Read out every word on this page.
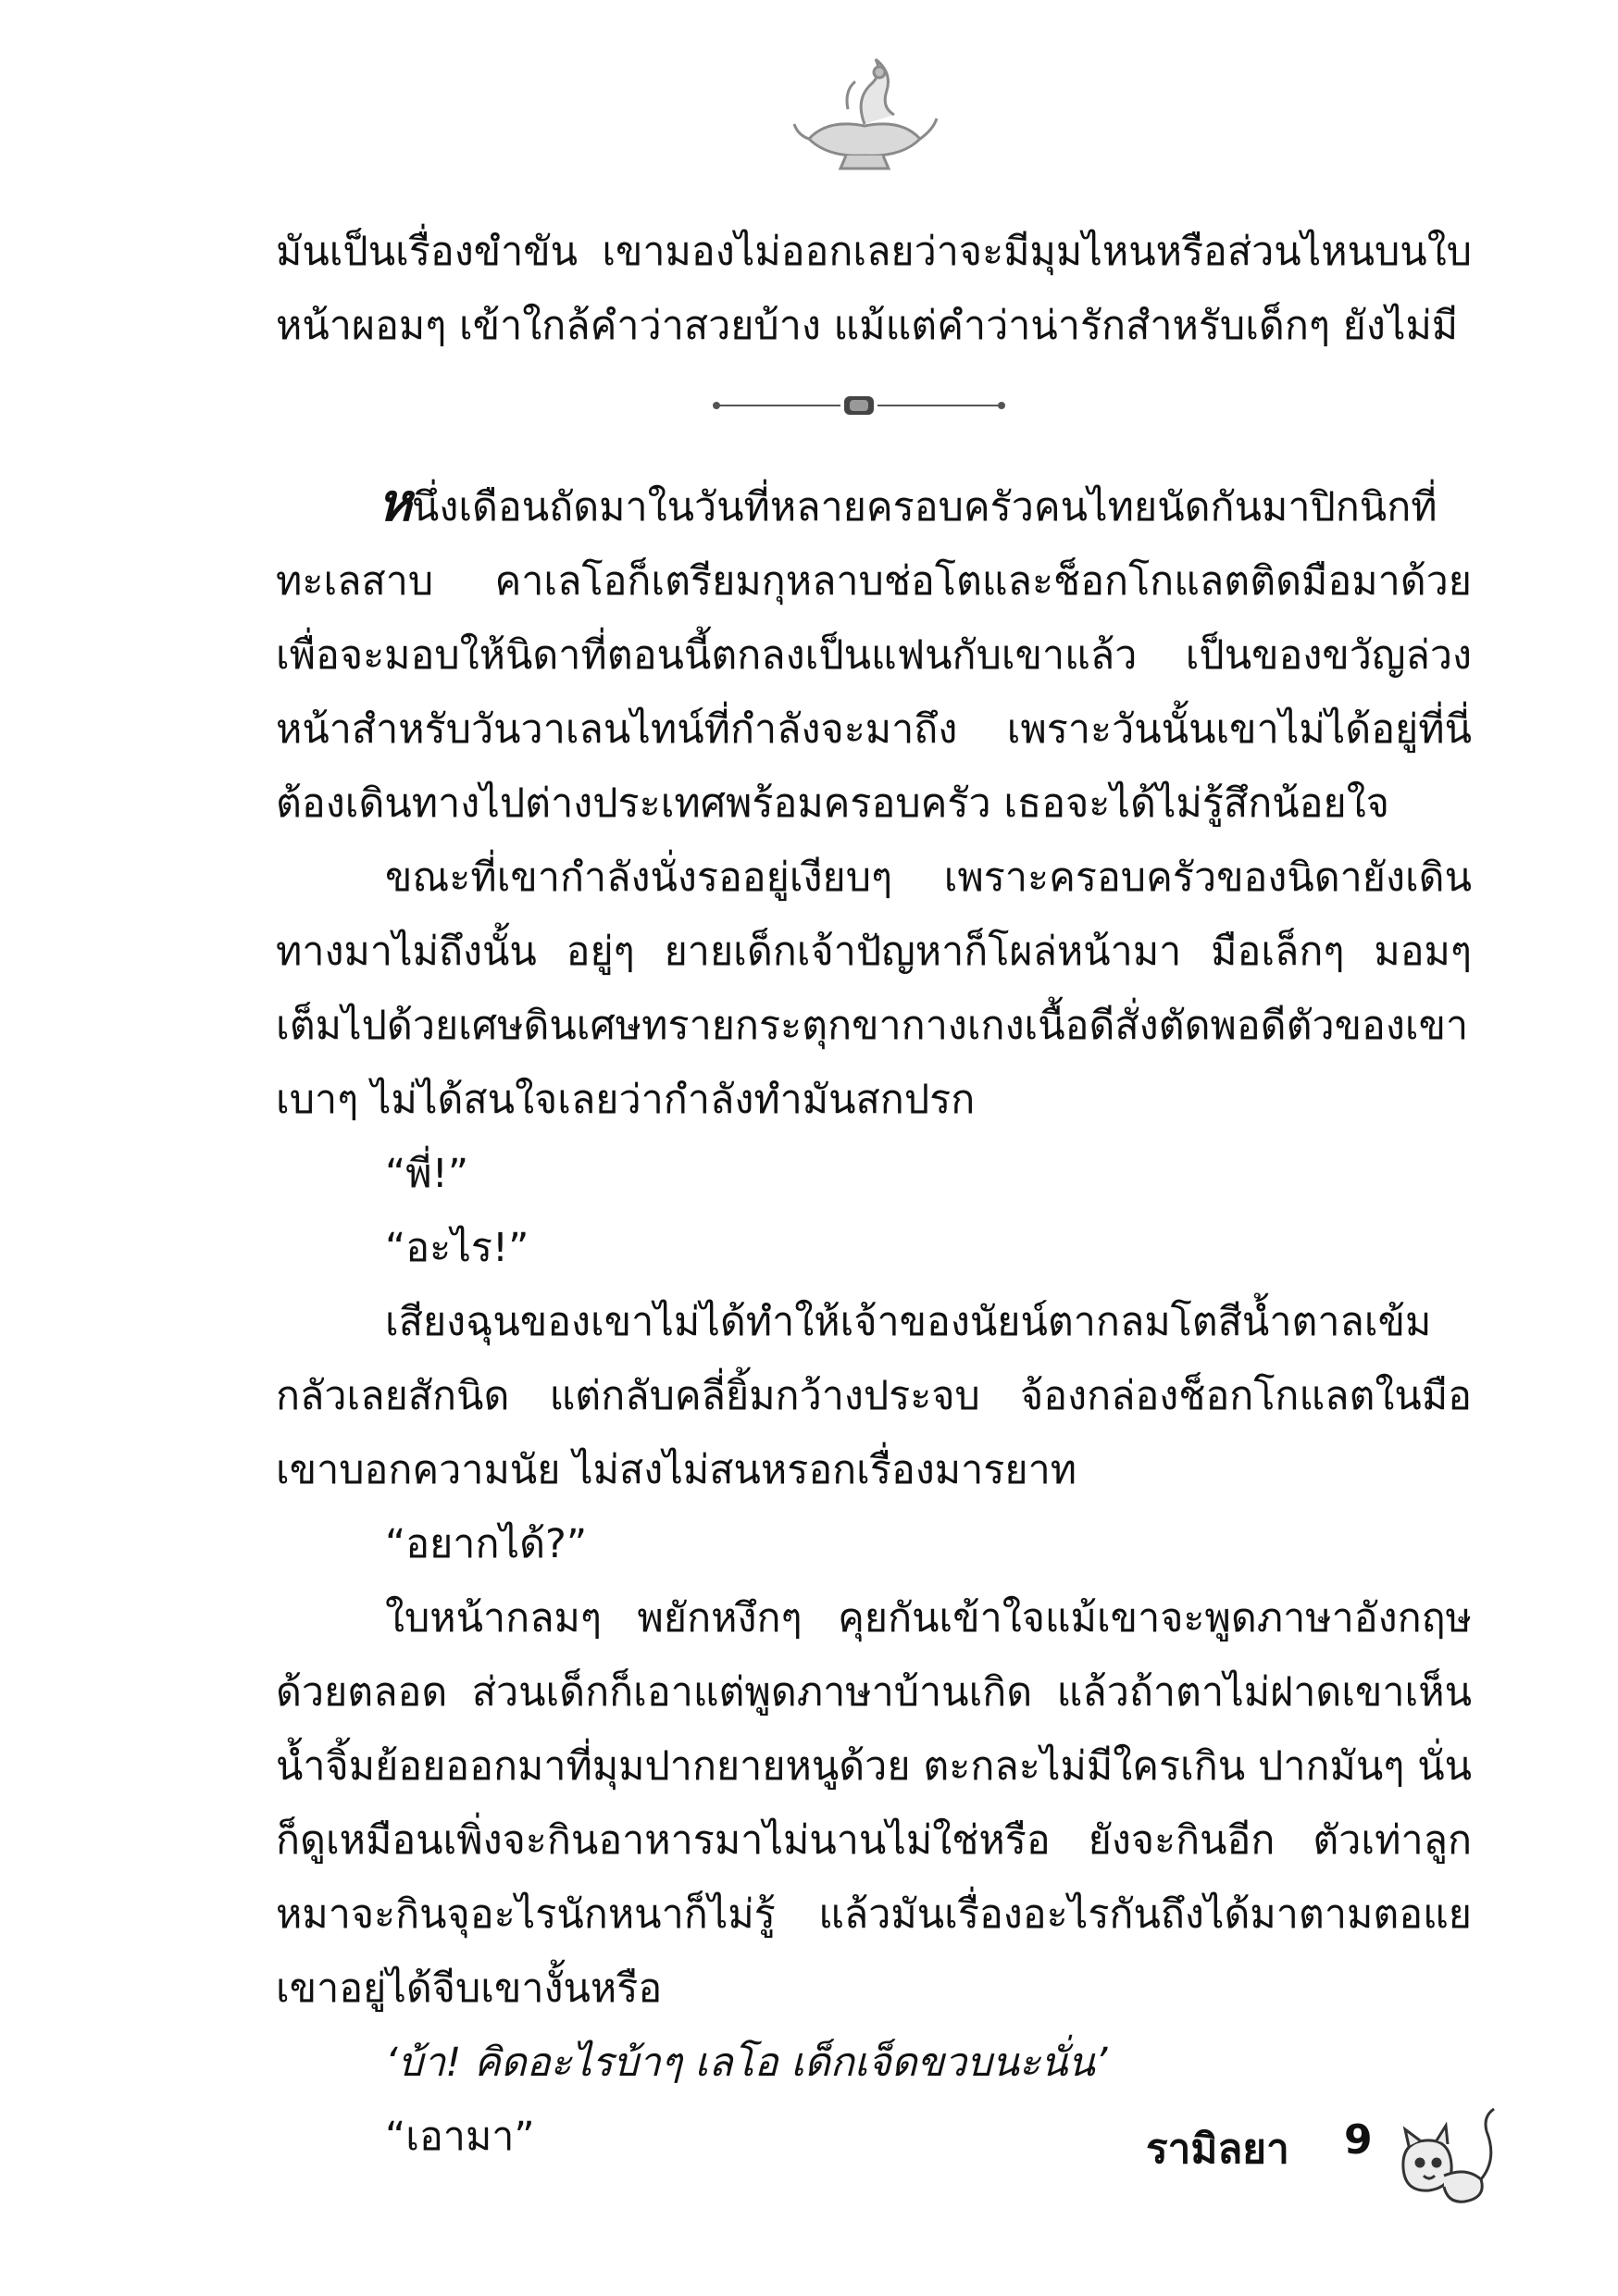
มันเป็นเรื่องขำขัน เขามองไม่ออกเลยว่าจะมีมุมไหนหรือส่วนไหนบนใบหน้าผอมๆ เข้าใกล้คำว่าสวยบ้าง แม้แต่คำว่าน่ารักสำหรับเด็กๆ ยังไม่มี

หนึ่งเดือนถัดมาในวันที่หลายครอบครัวคนไทยนัดกันมาปิกนิกที่ทะเลสาบ คาเลโอก็เตรียมกุหลาบช่อโตและช็อกโกแลตติดมือมาด้วยเพื่อจะมอบให้นิดาที่ตอนนี้ตกลงเป็นแฟนกับเขาแล้ว เป็นของขวัญล่วงหน้าสำหรับวันวาเลนไทน์ที่กำลังจะมาถึง เพราะวันนั้นเขาไม่ได้อยู่ที่นี่ ต้องเดินทางไปต่างประเทศพร้อมครอบครัว เธอจะได้ไม่รู้สึกน้อยใจ

ขณะที่เขากำลังนั่งรออยู่เงียบๆ เพราะครอบครัวของนิดายังเดินทางมาไม่ถึงนั้น อยู่ๆ ยายเด็กเจ้าปัญหาก็โผล่หน้ามา มือเล็กๆ มอมๆ เต็มไปด้วยเศษดินเศษทรายกระตุกขากางเกงเนื้อดีสั่งตัดพอดีตัวของเขาเบาๆ ไม่ได้สนใจเลยว่ากำลังทำมันสกปรก

“พี่!”

“อะไร!”

เสียงฉุนของเขาไม่ได้ทำให้เจ้าของนัยน์ตากลมโตสีน้ำตาลเข้มกลัวเลยสักนิด แต่กลับคลี่ยิ้มกว้างประจบ จ้องกล่องช็อกโกแลตในมือเขาบอกความนัย ไม่สงไม่สนหรอกเรื่องมารยาท

“อยากได้?”

ใบหน้ากลมๆ พยักหงึกๆ คุยกันเข้าใจแม้เขาจะพูดภาษาอังกฤษด้วยตลอด ส่วนเด็กก็เอาแต่พูดภาษาบ้านเกิด แล้วถ้าตาไม่ฝาดเขาเห็นน้ำจิ้มย้อยออกมาที่มุมปากยายหนูด้วย ตะกละไม่มีใครเกิน ปากมันๆ นั่นก็ดูเหมือนเพิ่งจะกินอาหารมาไม่นานไม่ใช่หรือ ยังจะกินอีก ตัวเท่าลูกหมาจะกินจุอะไรนักหนาก็ไม่รู้ แล้วมันเรื่องอะไรกันถึงได้มาตามตอแยเขาอยู่ได้จีบเขางั้นหรือ

‘บ้า! คิดอะไรบ้าๆ เลโอ เด็กเจ็ดขวบนะนั่น’

“เอามา”	รามิลยา 9
